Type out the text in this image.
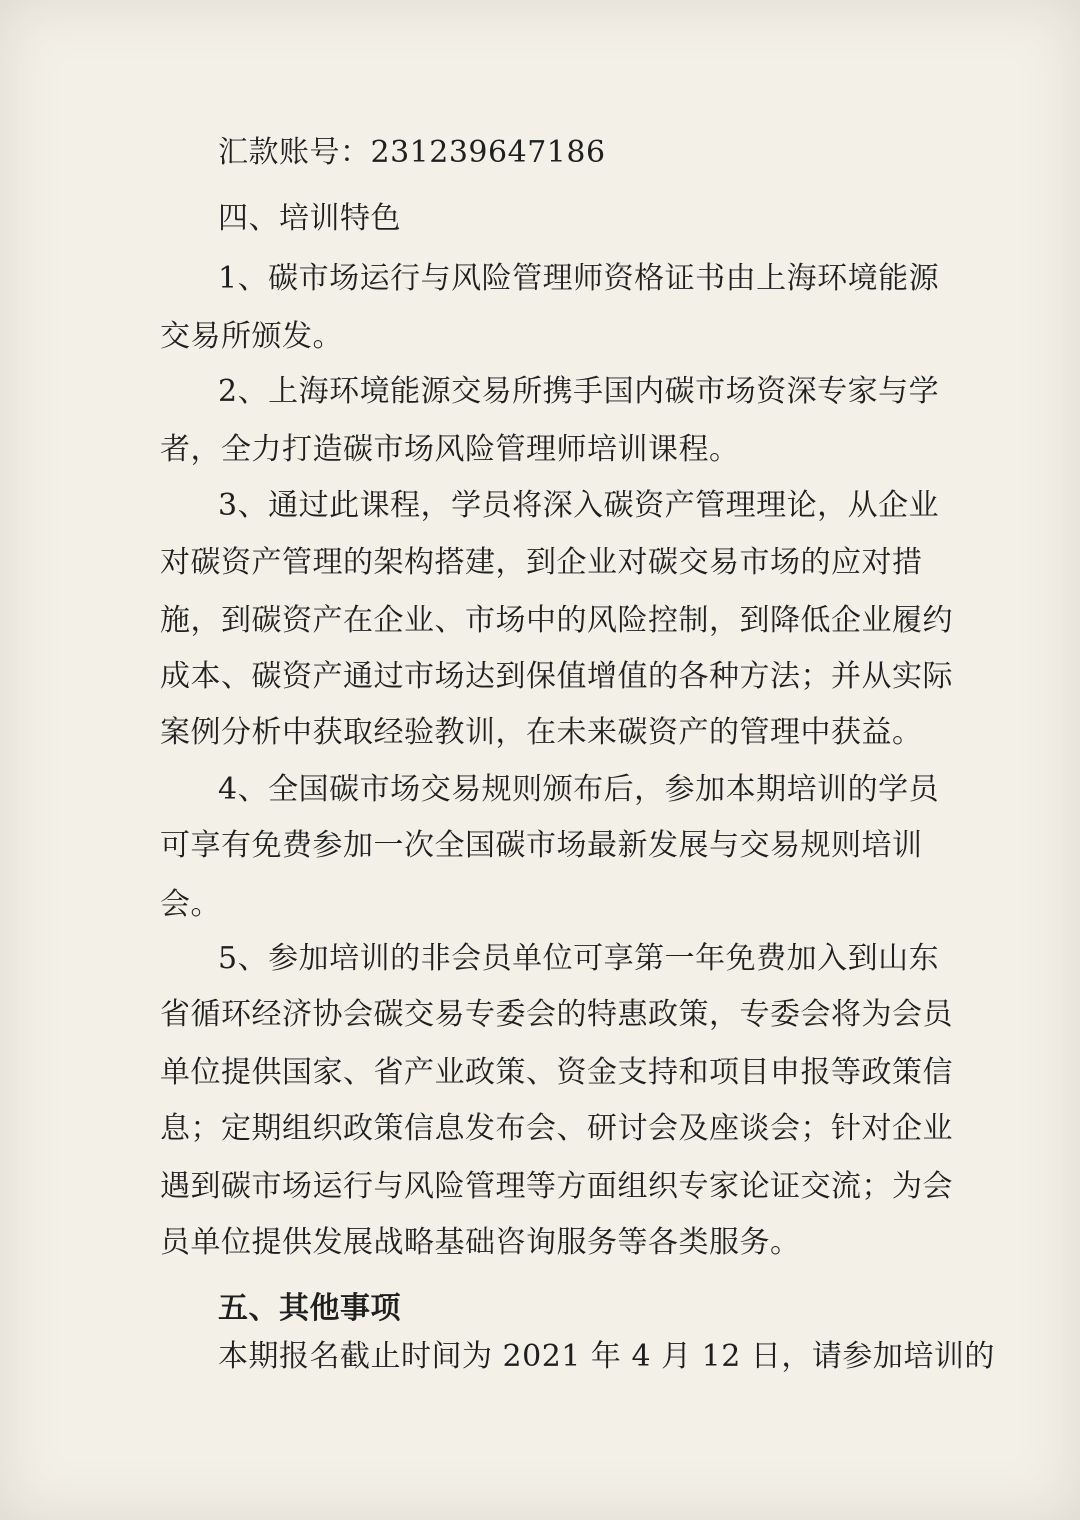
汇款账号：231239647186
四、培训特色
1、碳市场运行与风险管理师资格证书由上海环境能源
交易所颁发。
2、上海环境能源交易所携手国内碳市场资深专家与学
者，全力打造碳市场风险管理师培训课程。
3、通过此课程，学员将深入碳资产管理理论，从企业
对碳资产管理的架构搭建，到企业对碳交易市场的应对措
施，到碳资产在企业、市场中的风险控制，到降低企业履约
成本、碳资产通过市场达到保值增值的各种方法；并从实际
案例分析中获取经验教训，在未来碳资产的管理中获益。
4、全国碳市场交易规则颁布后，参加本期培训的学员
可享有免费参加一次全国碳市场最新发展与交易规则培训
会。
5、参加培训的非会员单位可享第一年免费加入到山东
省循环经济协会碳交易专委会的特惠政策，专委会将为会员
单位提供国家、省产业政策、资金支持和项目申报等政策信
息；定期组织政策信息发布会、研讨会及座谈会；针对企业
遇到碳市场运行与风险管理等方面组织专家论证交流；为会
员单位提供发展战略基础咨询服务等各类服务。
五、其他事项
本期报名截止时间为 2021 年 4 月 12 日，请参加培训的
